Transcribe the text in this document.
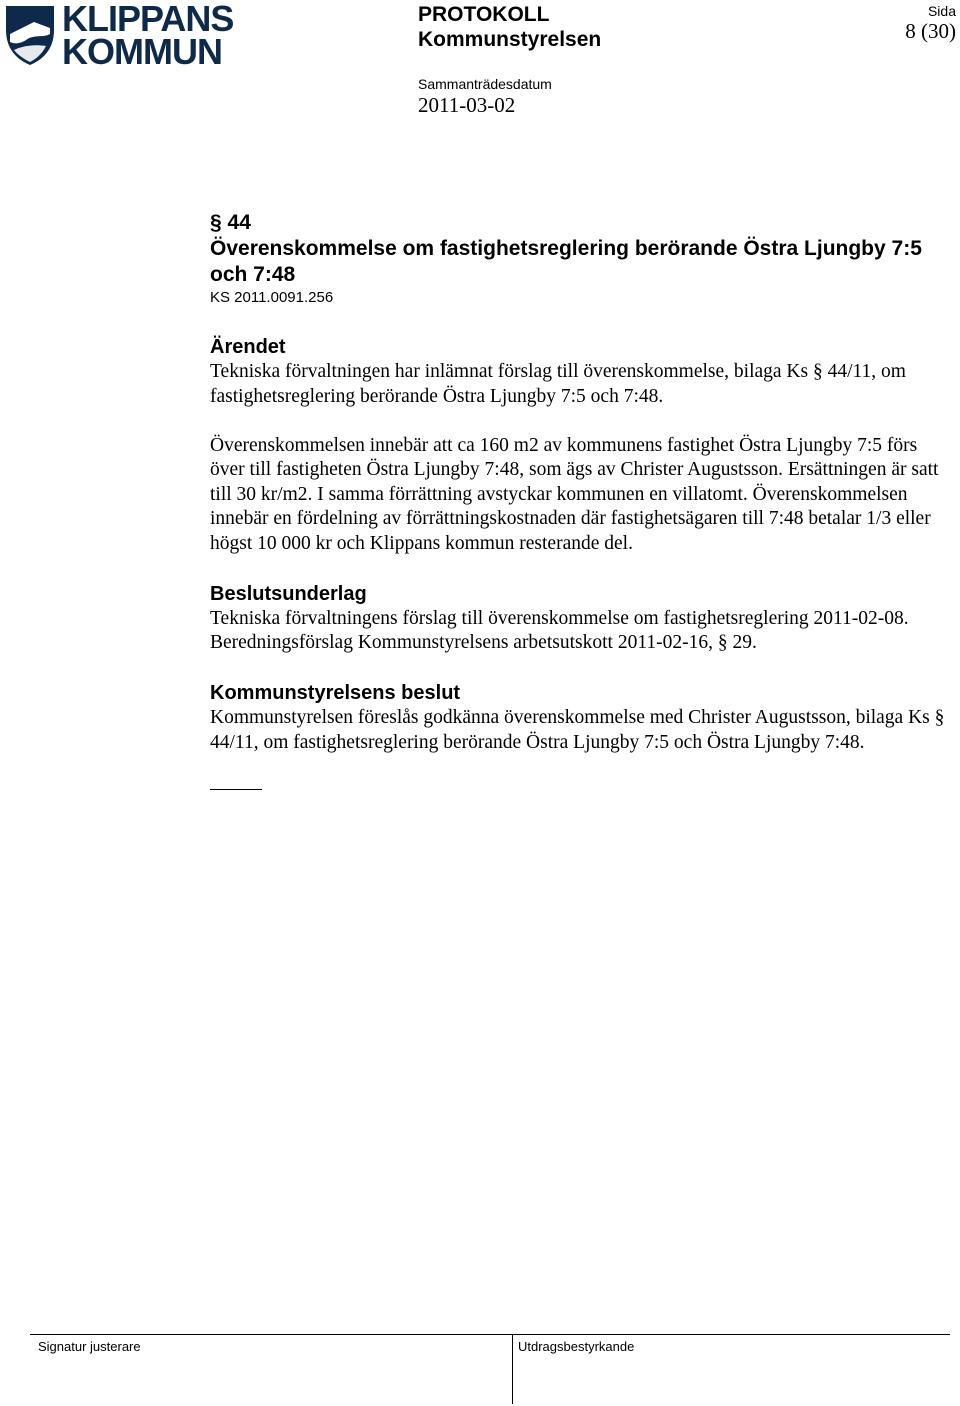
KLIPPANS
KOMMUN
PROTOKOLL
Kommunstyrelsen
Sida
8 (30)
Sammanträdesdatum
2011-03-02

§ 44

Överenskommelse om fastighetsreglering berörande Östra Ljungby 7:5 och 7:48

KS 2011.0091.256

Ärendet

Tekniska förvaltningen har inlämnat förslag till överenskommelse, bilaga Ks § 44/11, om fastighetsreglering berörande Östra Ljungby 7:5 och 7:48.

Överenskommelsen innebär att ca 160 m2 av kommunens fastighet Östra Ljungby 7:5 förs över till fastigheten Östra Ljungby 7:48, som ägs av Christer Augustsson. Ersättningen är satt till 30 kr/m2. I samma förrättning avstyckar kommunen en villatomt. Överenskommelsen innebär en fördelning av förrättningskostnaden där fastighetsägaren till 7:48 betalar 1/3 eller högst 10 000 kr och Klippans kommun resterande del.

Beslutsunderlag

Tekniska förvaltningens förslag till överenskommelse om fastighetsreglering 2011-02-08.

Beredningsförslag Kommunstyrelsens arbetsutskott 2011-02-16, § 29.

Kommunstyrelsens beslut

Kommunstyrelsen föreslås godkänna överenskommelse med Christer Augustsson, bilaga Ks § 44/11, om fastighetsreglering berörande Östra Ljungby 7:5 och Östra Ljungby 7:48.

Signatur justerare	Utdragsbestyrkande
